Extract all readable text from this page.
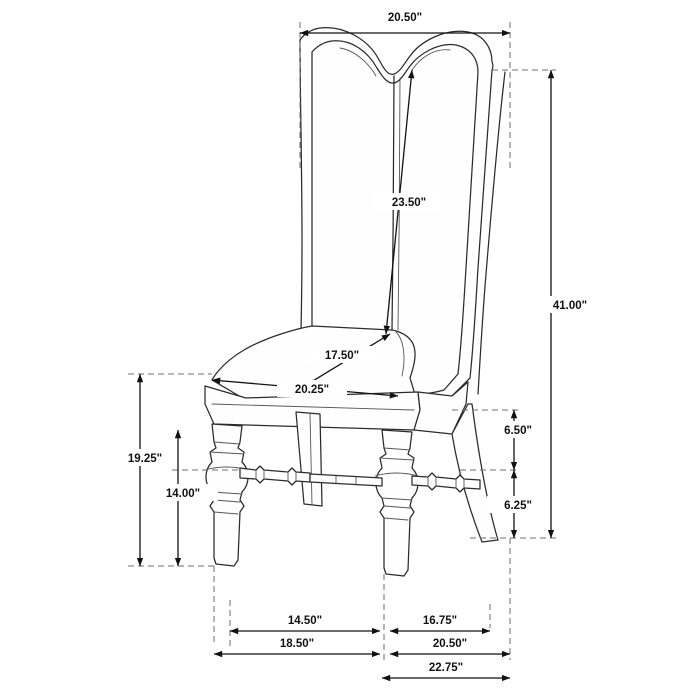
20.50"
23.50"
41.00"
17.50"
20.25"
6.50"
6.25"
19.25"
14.00"
14.50"	16.75"
18.50"	20.50"
22.75"
